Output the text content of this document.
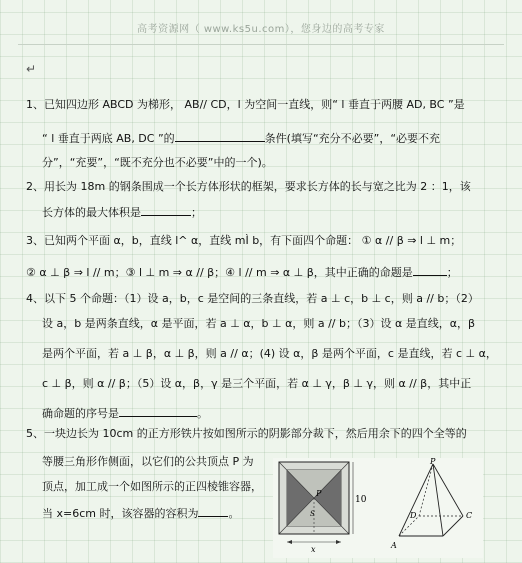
高考资源网（ www.ks5u.com），您身边的高考专家
↵
1、已知四边形 ABCD 为梯形， AB// CD，l 为空间一直线，则“ l 垂直于两腰 AD, BC ”是
“ l 垂直于两底 AB, DC ”的	条件(填写“充分不必要”，“必要不充
分”，“充要”，“既不充分也不必要”中的一个)。
2、用长为 18m 的钢条围成一个长方体形状的框架，要求长方体的长与宽之比为 2 ：1，该
长方体的最大体积是	；
3、已知两个平面 α，b，直线 l^ α，直线 mÌ b，有下面四个命题： ① α // β ⇒ l ⊥ m；
② α ⊥ β ⇒ l // m；③ l ⊥ m ⇒ α // β；④ l // m ⇒ α ⊥ β，其中正确的命题是	；
4、以下 5 个命题：（1）设 a，b，c 是空间的三条直线，若 a ⊥ c，b ⊥ c，则 a // b；（2）
设 a，b 是两条直线，α 是平面，若 a ⊥ α，b ⊥ α，则 a // b；（3）设 α 是直线，α，β
是两个平面，若 a ⊥ β，α ⊥ β，则 a // α；(4) 设 α，β 是两个平面，c 是直线，若 c ⊥ α，
c ⊥ β，则 α // β；（5）设 α，β，γ 是三个平面，若 α ⊥ γ，β ⊥ γ，则 α // β，其中正
确命题的序号是	。
5、一块边长为 10cm 的正方形铁片按如图所示的阴影部分裁下，然后用余下的四个全等的
等腰三角形作侧面，以它们的公共顶点 P 为
顶点，加工成一个如图所示的正四棱锥容器，
当 x=6cm 时，该容器的容积为	。
P
S
10
x
P
D	C
A
